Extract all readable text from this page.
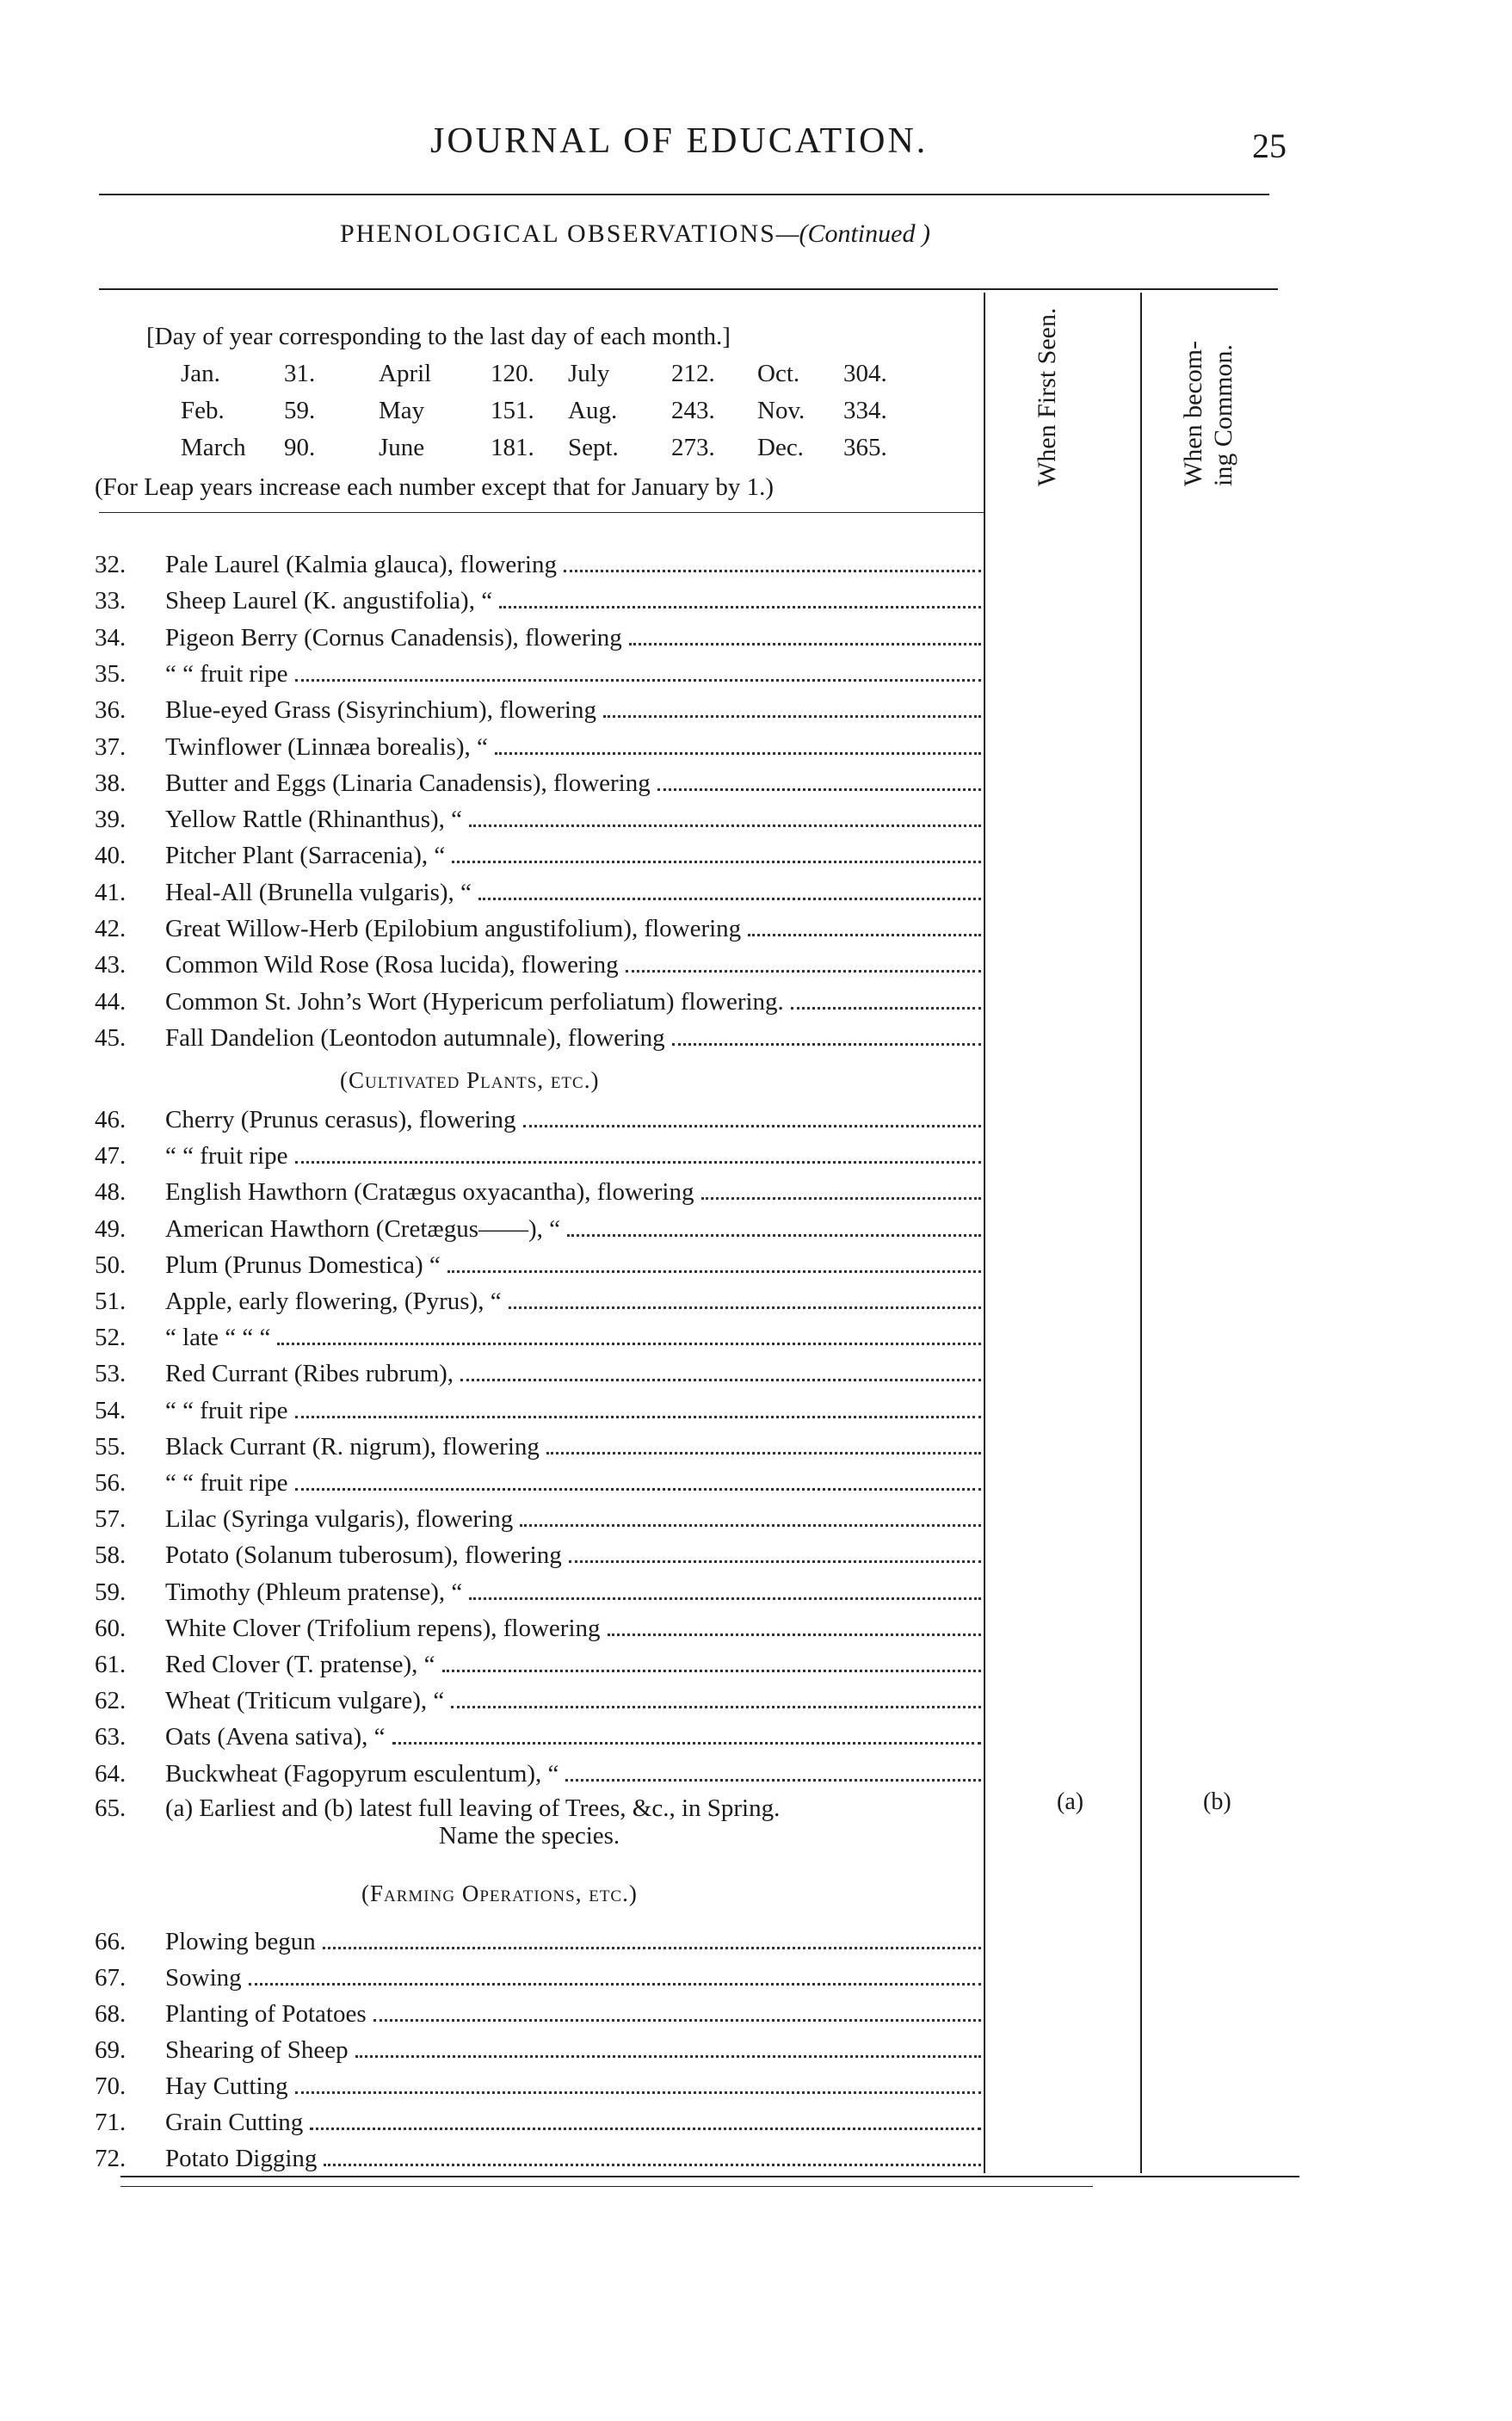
JOURNAL OF EDUCATION.	25
PHENOLOGICAL OBSERVATIONS—(Continued )
[Day of year corresponding to the last day of each month.]
Jan.	31.	April 120. July 212. Oct. 304.
Feb. 59.	May	151. Aug. 243. Nov. 334.
March 90.	June	181. Sept. 273. Dec. 365.
(For Leap years increase each number except that for January by 1.)
When First Seen.	When becom- ing Common.
(Cultivated Plants, etc.)
(Farming Operations, etc.)
32.	Pale Laurel (Kalmia glauca), flowering
33.	Sheep Laurel (K. angustifolia), “
34.	Pigeon Berry (Cornus Canadensis), flowering
35.	“ “ fruit ripe
36.	Blue-eyed Grass (Sisyrinchium), flowering
37.	Twinflower (Linnæa borealis), “
38.	Butter and Eggs (Linaria Canadensis), flowering
39.	Yellow Rattle (Rhinanthus), “
40.	Pitcher Plant (Sarracenia), “
41.	Heal-All (Brunella vulgaris), “
42.	Great Willow-Herb (Epilobium angustifolium), flowering
43.	Common Wild Rose (Rosa lucida), flowering
44.	Common St. John’s Wort (Hypericum perfoliatum) flowering.
45.	Fall Dandelion (Leontodon autumnale), flowering
46.	Cherry (Prunus cerasus), flowering
47.	“ “ fruit ripe
48.	English Hawthorn (Cratægus oxyacantha), flowering
49.	American Hawthorn (Cretægus——), “
50.	Plum (Prunus Domestica) “
51.	Apple, early flowering, (Pyrus), “
52.	“ late “ “ “
53.	Red Currant (Ribes rubrum),
54.	“ “ fruit ripe
55.	Black Currant (R. nigrum), flowering
56.	“ “ fruit ripe
57.	Lilac (Syringa vulgaris), flowering
58.	Potato (Solanum tuberosum), flowering
59.	Timothy (Phleum pratense), “
60.	White Clover (Trifolium repens), flowering
61.	Red Clover (T. pratense), “
62.	Wheat (Triticum vulgare), “
63.	Oats (Avena sativa), “
64.	Buckwheat (Fagopyrum esculentum), “
65.	(a) Earliest and (b) latest full leaving of Trees, &c., in Spring.
Name the species.
66.	Plowing begun
67.	Sowing
68.	Planting of Potatoes
69.	Shearing of Sheep
70.	Hay Cutting
71.	Grain Cutting
72.	Potato Digging
(a)	(b)
